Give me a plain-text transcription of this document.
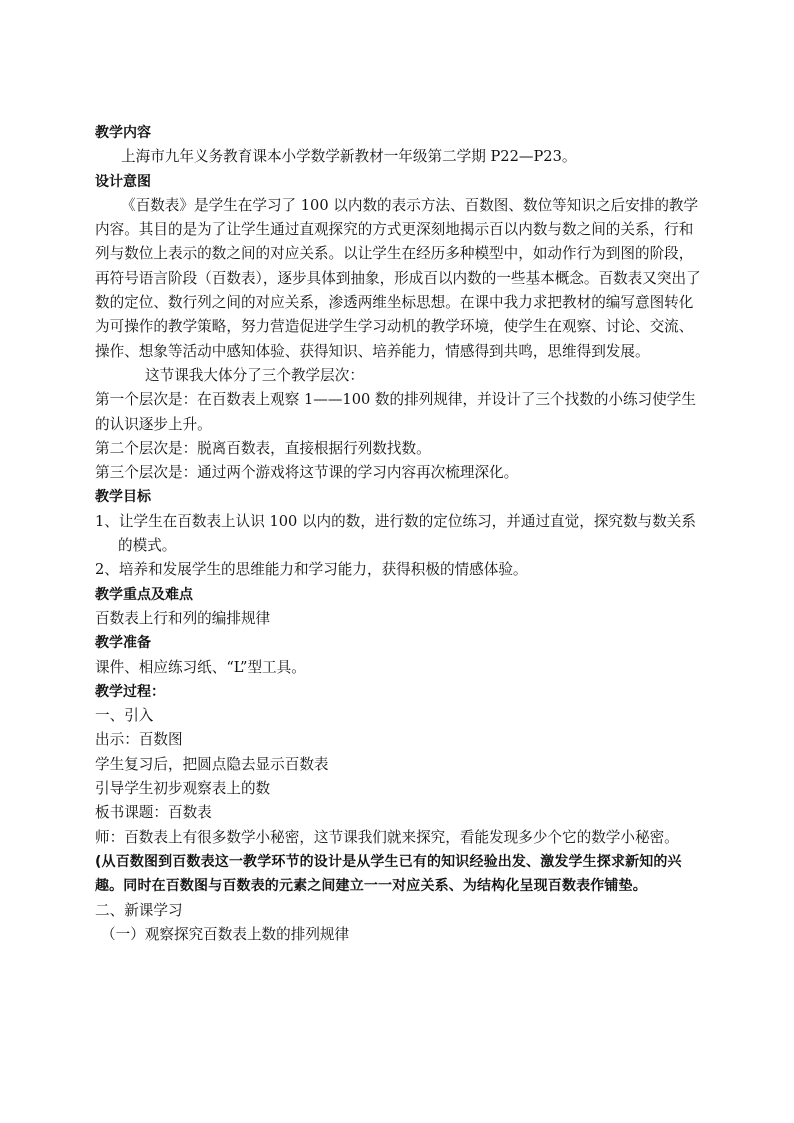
教学内容

上海市九年义务教育课本小学数学新教材一年级第二学期 P22—P23。

设计意图

《百数表》是学生在学习了 100 以内数的表示方法、百数图、数位等知识之后安排的教学内容。其目的是为了让学生通过直观探究的方式更深刻地揭示百以内数与数之间的关系，行和列与数位上表示的数之间的对应关系。以让学生在经历多种模型中，如动作行为到图的阶段，再符号语言阶段（百数表），逐步具体到抽象，形成百以内数的一些基本概念。百数表又突出了数的定位、数行列之间的对应关系，渗透两维坐标思想。在课中我力求把教材的编写意图转化为可操作的教学策略，努力营造促进学生学习动机的教学环境，使学生在观察、讨论、交流、操作、想象等活动中感知体验、获得知识、培养能力，情感得到共鸣，思维得到发展。

这节课我大体分了三个教学层次：

第一个层次是：在百数表上观察 1——100 数的排列规律，并设计了三个找数的小练习使学生的认识逐步上升。

第二个层次是：脱离百数表，直接根据行列数找数。

第三个层次是：通过两个游戏将这节课的学习内容再次梳理深化。

教学目标

1、让学生在百数表上认识 100 以内的数，进行数的定位练习，并通过直觉，探究数与数关系的模式。

2、培养和发展学生的思维能力和学习能力，获得积极的情感体验。

教学重点及难点

百数表上行和列的编排规律

教学准备

课件、相应练习纸、“L”型工具。

教学过程：

一、引入

出示：百数图

学生复习后，把圆点隐去显示百数表

引导学生初步观察表上的数

板书课题：百数表

师：百数表上有很多数学小秘密，这节课我们就来探究，看能发现多少个它的数学小秘密。

(从百数图到百数表这一教学环节的设计是从学生已有的知识经验出发、激发学生探求新知的兴趣。同时在百数图与百数表的元素之间建立一一对应关系、为结构化呈现百数表作铺垫。

二、新课学习

（一）观察探究百数表上数的排列规律
